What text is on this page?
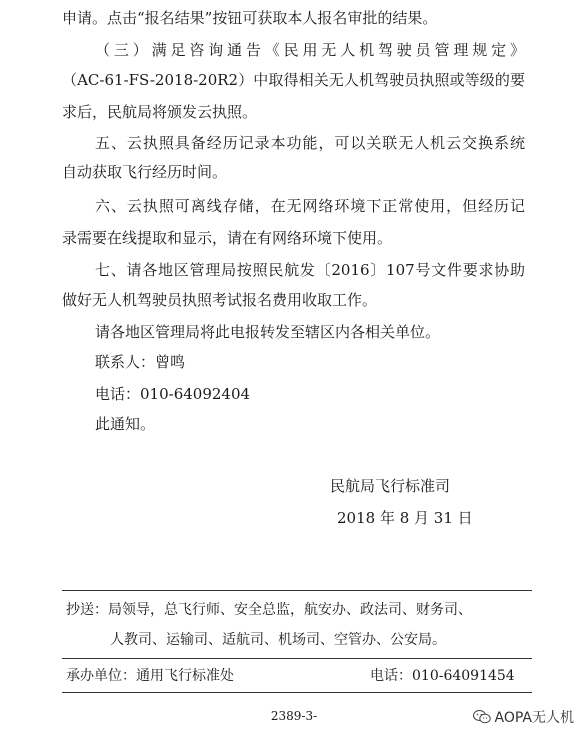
申请。点击“报名结果”按钮可获取本人报名审批的结果。
（三）满足咨询通告《民用无人机驾驶员管理规定》
（AC-61-FS-2018-20R2）中取得相关无人机驾驶员执照或等级的要
求后，民航局将颁发云执照。
五、云执照具备经历记录本功能，可以关联无人机云交换系统
自动获取飞行经历时间。
六、云执照可离线存储，在无网络环境下正常使用，但经历记
录需要在线提取和显示，请在有网络环境下使用。
七、请各地区管理局按照民航发〔2016〕107号文件要求协助
做好无人机驾驶员执照考试报名费用收取工作。
请各地区管理局将此电报转发至辖区内各相关单位。
联系人：曾鸣
电话：010-64092404
此通知。
民航局飞行标准司
2018 年 8 月 31 日
抄送：局领导，总飞行师、安全总监，航安办、政法司、财务司、
人教司、运输司、适航司、机场司、空管办、公安局。
承办单位：通用飞行标准处	电话：010-64091454
2389-3-	AOPA无人机
